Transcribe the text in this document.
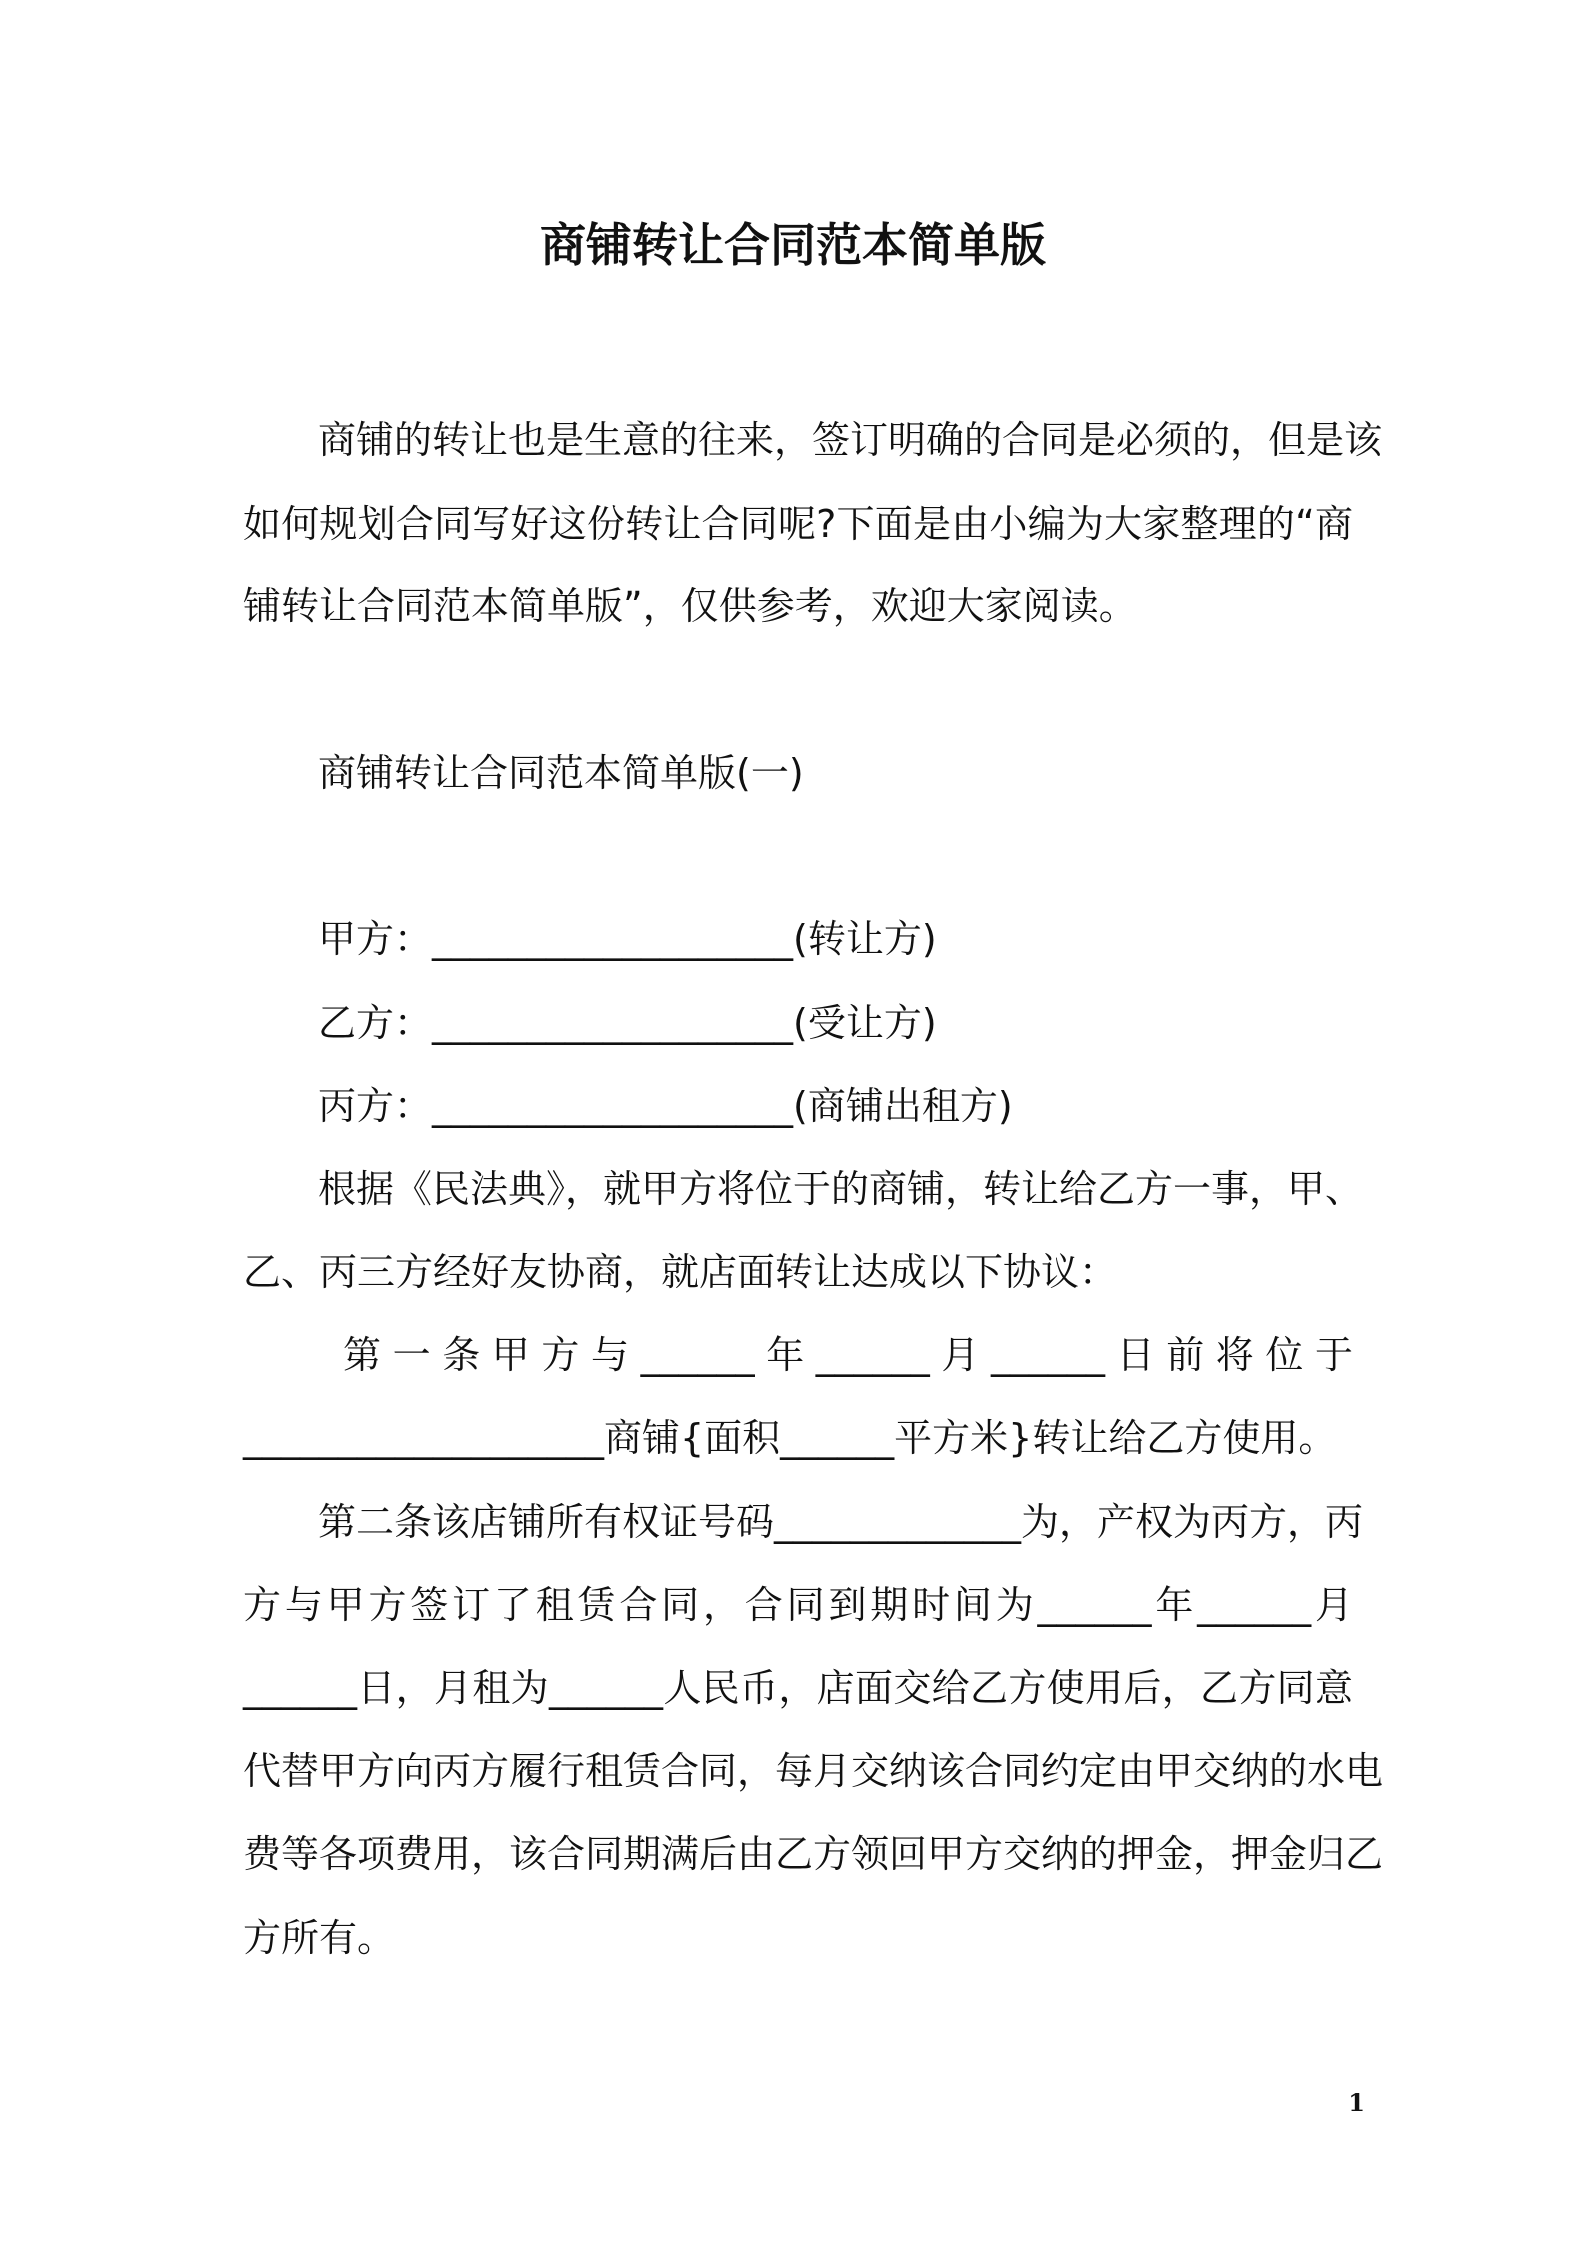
商铺转让合同范本简单版

商铺的转让也是生意的往来，签订明确的合同是必须的，但是该

如何规划合同写好这份转让合同呢?下面是由小编为大家整理的“商

铺转让合同范本简单版”，仅供参考，欢迎大家阅读。

商铺转让合同范本简单版(一)

甲方：___________________(转让方)

乙方：___________________(受让方)

丙方：___________________(商铺出租方)

根据《民法典》，就甲方将位于的商铺，转让给乙方一事，甲、

乙、丙三方经好友协商，就店面转让达成以下协议：

第一条甲方与______年______月______日前将位于

___________________商铺{面积______平方米}转让给乙方使用。

第二条该店铺所有权证号码_____________为，产权为丙方，丙

方与甲方签订了租赁合同，合同到期时间为______年______月

______日，月租为______人民币，店面交给乙方使用后，乙方同意

代替甲方向丙方履行租赁合同，每月交纳该合同约定由甲交纳的水电

费等各项费用，该合同期满后由乙方领回甲方交纳的押金，押金归乙

方所有。

1
